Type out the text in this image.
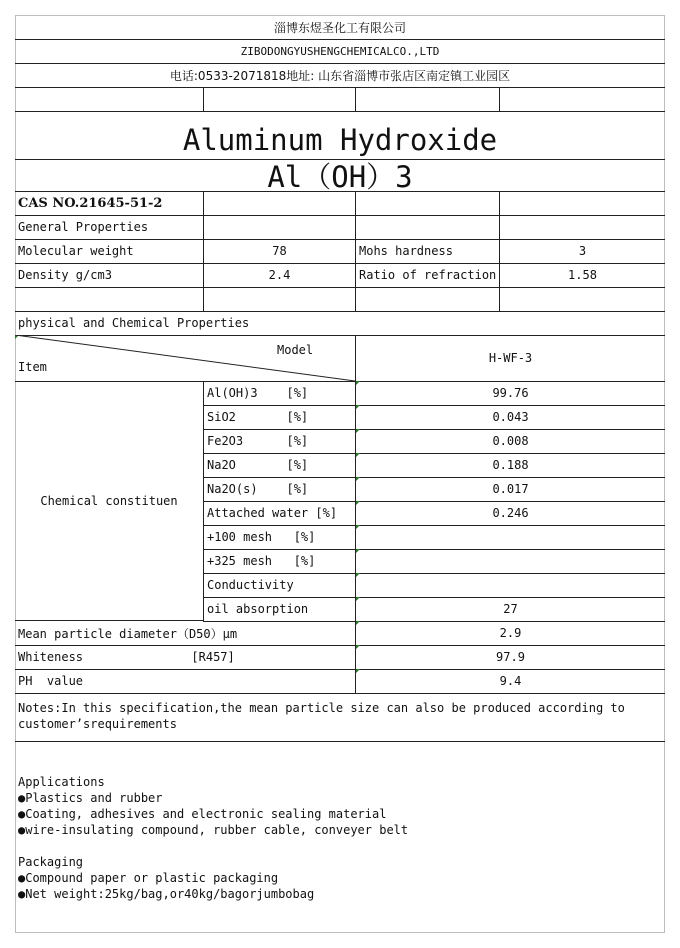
淄博东煜圣化工有限公司
ZIBODONGYUSHENGCHEMICALCO.,LTD
电话:0533-2071818地址: 山东省淄博市张店区南定镇工业园区
Aluminum Hydroxide
Al（OH）3
CAS NO.21645-51-2
General Properties
Molecular weight	78	Mohs hardness	3
Density g/cm3	2.4	Ratio of refraction	1.58
physical and Chemical Properties
Model
Item
H-WF-3
Al(OH)3    [%]	99.76
SiO2       [%]	0.043
Fe2O3      [%]	0.008
Na2O       [%]	0.188
Na2O(s)    [%]	0.017
Attached water [%]	0.246
+100 mesh   [%]
+325 mesh   [%]
Conductivity
oil absorption	27
Chemical constituen
Mean particle diameter（D50）μm	2.9
Whiteness               [R457]	97.9
PH  value	9.4
Notes:In this specification,the mean particle size can also be produced according to
customer’srequirements
Applications
●Plastics and rubber
●Coating, adhesives and electronic sealing material
●wire-insulating compound, rubber cable, conveyer belt
Packaging
●Compound paper or plastic packaging
●Net weight:25kg/bag,or40kg/bagorjumbobag
